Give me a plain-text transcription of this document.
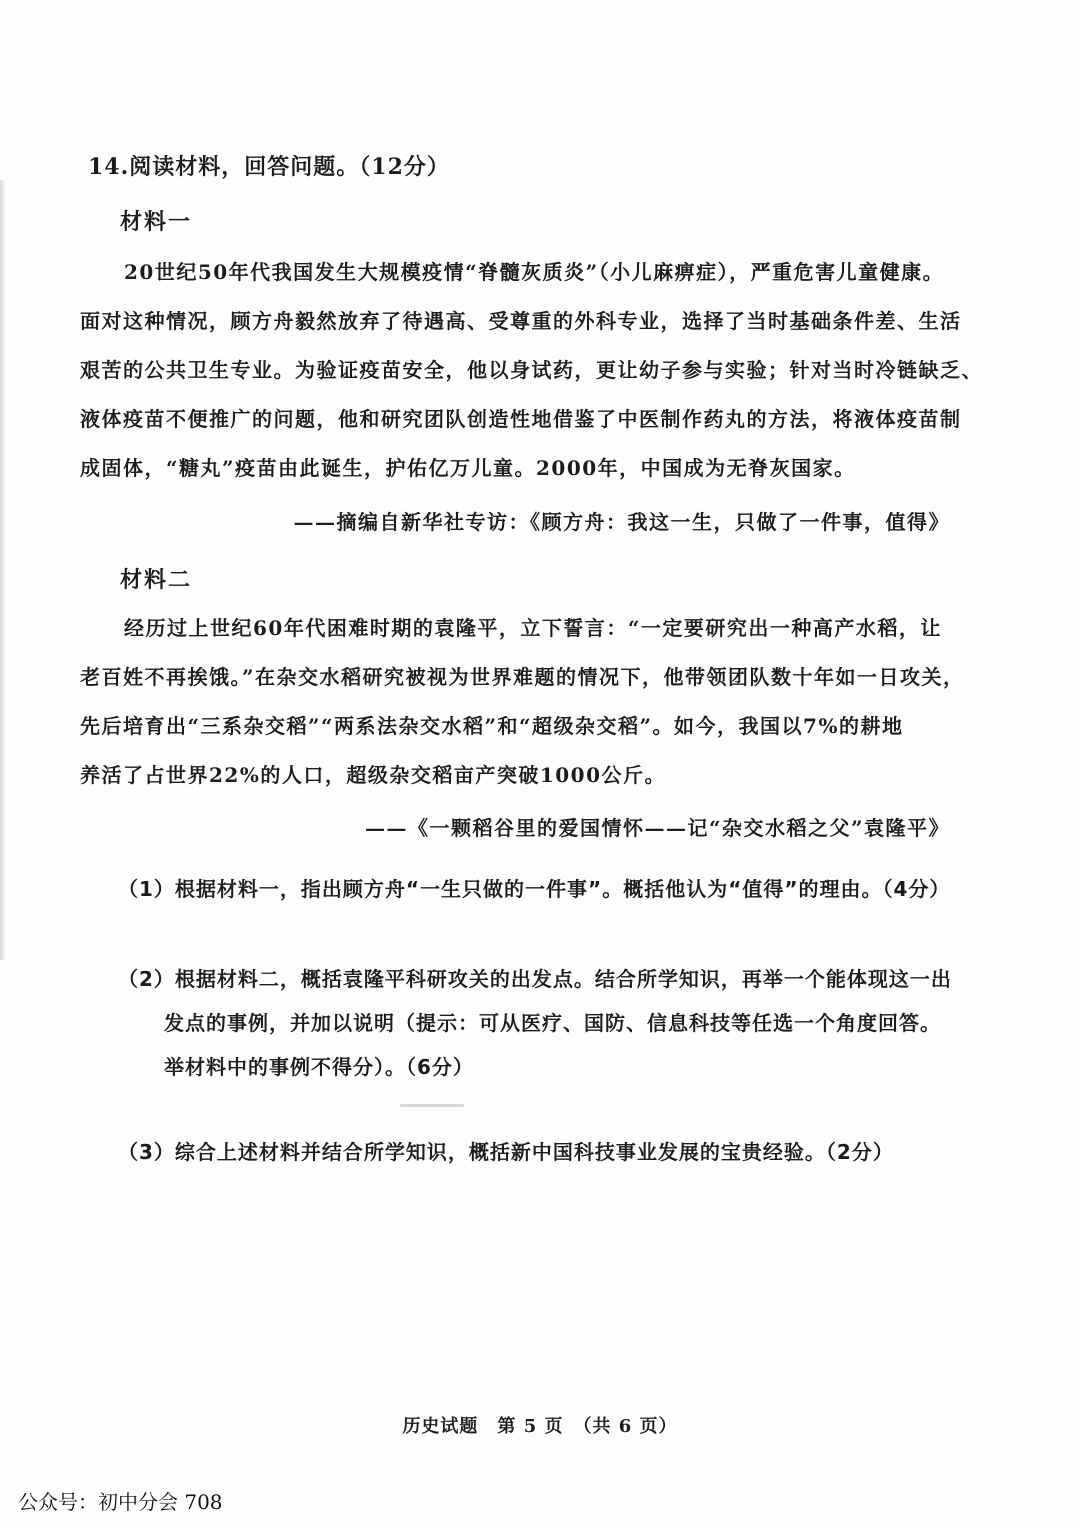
14.阅读材料，回答问题。（12分）
材料一
20世纪50年代我国发生大规模疫情“脊髓灰质炎”（小儿麻痹症），严重危害儿童健康。
面对这种情况，顾方舟毅然放弃了待遇高、受尊重的外科专业，选择了当时基础条件差、生活
艰苦的公共卫生专业。为验证疫苗安全，他以身试药，更让幼子参与实验；针对当时冷链缺乏、
液体疫苗不便推广的问题，他和研究团队创造性地借鉴了中医制作药丸的方法，将液体疫苗制
成固体，“糖丸”疫苗由此诞生，护佑亿万儿童。2000年，中国成为无脊灰国家。
——摘编自新华社专访：《顾方舟：我这一生，只做了一件事，值得》
材料二
经历过上世纪60年代困难时期的袁隆平，立下誓言：“一定要研究出一种高产水稻，让
老百姓不再挨饿。”在杂交水稻研究被视为世界难题的情况下，他带领团队数十年如一日攻关，
先后培育出“三系杂交稻”“两系法杂交水稻”和“超级杂交稻”。如今，我国以7%的耕地
养活了占世界22%的人口，超级杂交稻亩产突破1000公斤。
——《一颗稻谷里的爱国情怀——记“杂交水稻之父”袁隆平》
（1）根据材料一，指出顾方舟“一生只做的一件事”。概括他认为“值得”的理由。（4分）
（2）根据材料二，概括袁隆平科研攻关的出发点。结合所学知识，再举一个能体现这一出
发点的事例，并加以说明（提示：可从医疗、国防、信息科技等任选一个角度回答。
举材料中的事例不得分）。（6分）
（3）综合上述材料并结合所学知识，概括新中国科技事业发展的宝贵经验。（2分）
历史试题　第 5 页　（共 6 页）
公众号：初中分会 708
